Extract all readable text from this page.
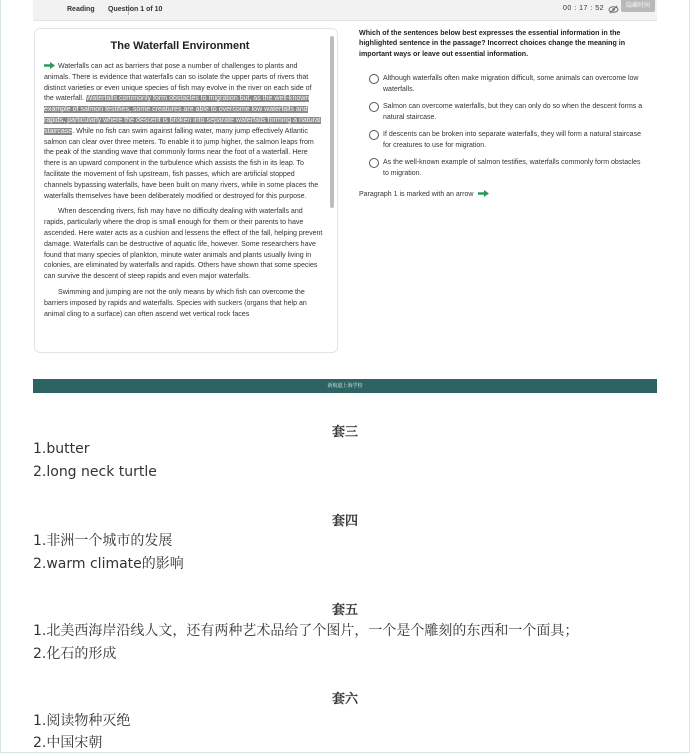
Reading Question 1 of 10	00 : 17 : 52	隐藏时间
The Waterfall Environment

Waterfalls can act as barriers that pose a number of challenges to plants and animals. There is evidence that waterfalls can so isolate the upper parts of rivers that distinct varieties or even unique species of fish may evolve in the river on each side of the waterfall. Waterfalls commonly form obstacles to migration but, as the well-known example of salmon testifies, some creatures are able to overcome low waterfalls and rapids, particularly where the descent is broken into separate waterfalls forming a natural staircase. While no fish can swim against falling water, many jump effectively Atlantic salmon can clear over three meters. To enable it to jump higher, the salmon leaps from the peak of the standing wave that commonly forms near the foot of a waterfall. Here there is an upward component in the turbulence which assists the fish in its leap. To facilitate the movement of fish upstream, fish passes, which are artificial stopped channels bypassing waterfalls, have been built on many rivers, while in some places the waterfalls themselves have been deliberately modified or destroyed for this purpose.

When descending rivers, fish may have no difficulty dealing with waterfalls and rapids, particularly where the drop is small enough for them or their parents to have ascended. Here water acts as a cushion and lessens the effect of the fall, helping prevent damage. Waterfalls can be destructive of aquatic life, however. Some researchers have found that many species of plankton, minute water animals and plants usually living in colonies, are eliminated by waterfalls and rapids. Others have shown that some species can survive the descent of steep rapids and even major waterfalls.

Swimming and jumping are not the only means by which fish can overcome the barriers imposed by rapids and waterfalls. Species with suckers (organs that help an animal cling to a surface) can often ascend wet vertical rock faces

Which of the sentences below best expresses the essential information in the highlighted sentence in the passage? Incorrect choices change the meaning in important ways or leave out essential information.
Although waterfalls often make migration difficult, some animals can overcome low waterfalls.
Salmon can overcome waterfalls, but they can only do so when the descent forms a natural staircase.
If descents can be broken into separate waterfalls, they will form a natural staircase for creatures to use for migration.
As the well-known example of salmon testifies, waterfalls commonly form obstacles to migration.
Paragraph 1 is marked with an arrow
新航道上海学校
套三
1.butter
2.long neck turtle
套四
1.非洲一个城市的发展
2.warm climate的影响
套五
1.北美西海岸沿线人文，还有两种艺术品给了个图片，一个是个雕刻的东西和一个面具；
2.化石的形成
套六
1.阅读物种灭绝
2.中国宋朝
